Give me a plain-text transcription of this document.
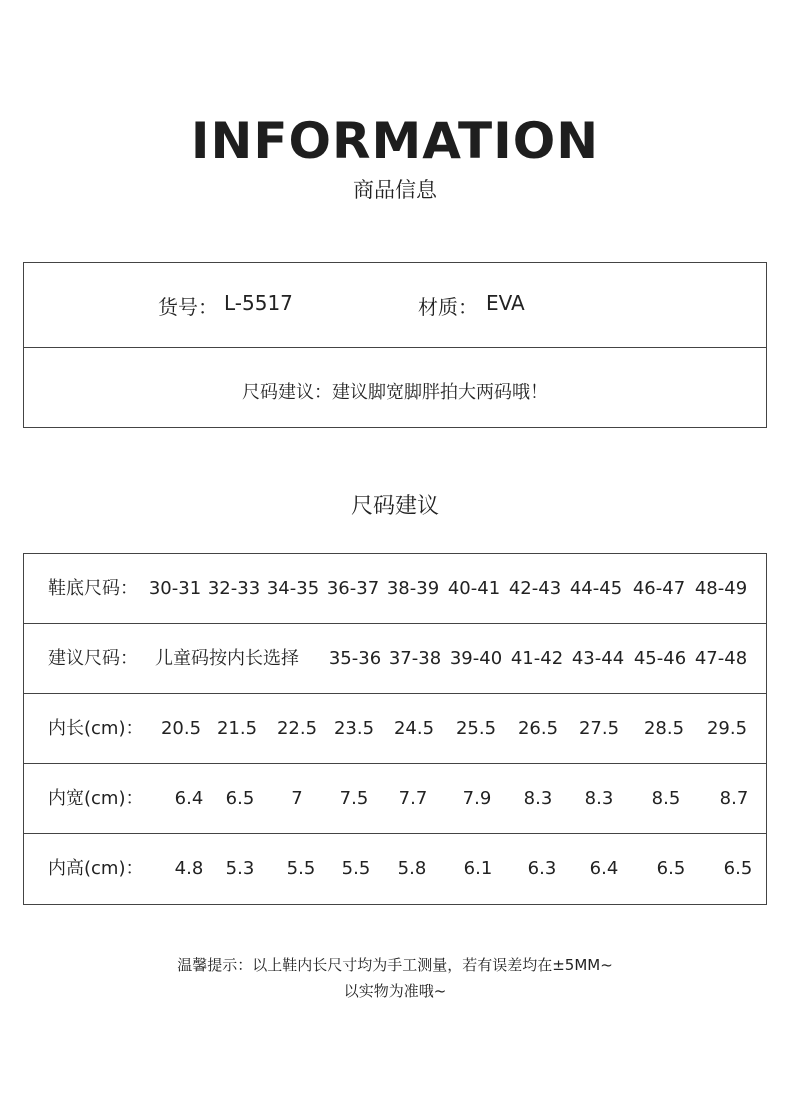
INFORMATION
商品信息
货号： L-5517	材质： EVA
尺码建议：建议脚宽脚胖拍大两码哦！
尺码建议
鞋底尺码： 30-31 32-33 34-35 36-37 38-39 40-41 42-43 44-45 46-47 48-49
建议尺码： 儿童码按内长选择 35-36 37-38 39-40 41-42 43-44 45-46 47-48
内长(cm)： 20.5 21.5 22.5 23.5 24.5 25.5 26.5 27.5 28.5 29.5
内宽(cm)： 6.4 6.5 7 7.5 7.7 7.9 8.3 8.3 8.5 8.7
内高(cm)： 4.8 5.3 5.5 5.5 5.8 6.1 6.3 6.4 6.5 6.5
温馨提示：以上鞋内长尺寸均为手工测量，若有误差均在±5MM~
以实物为准哦~
